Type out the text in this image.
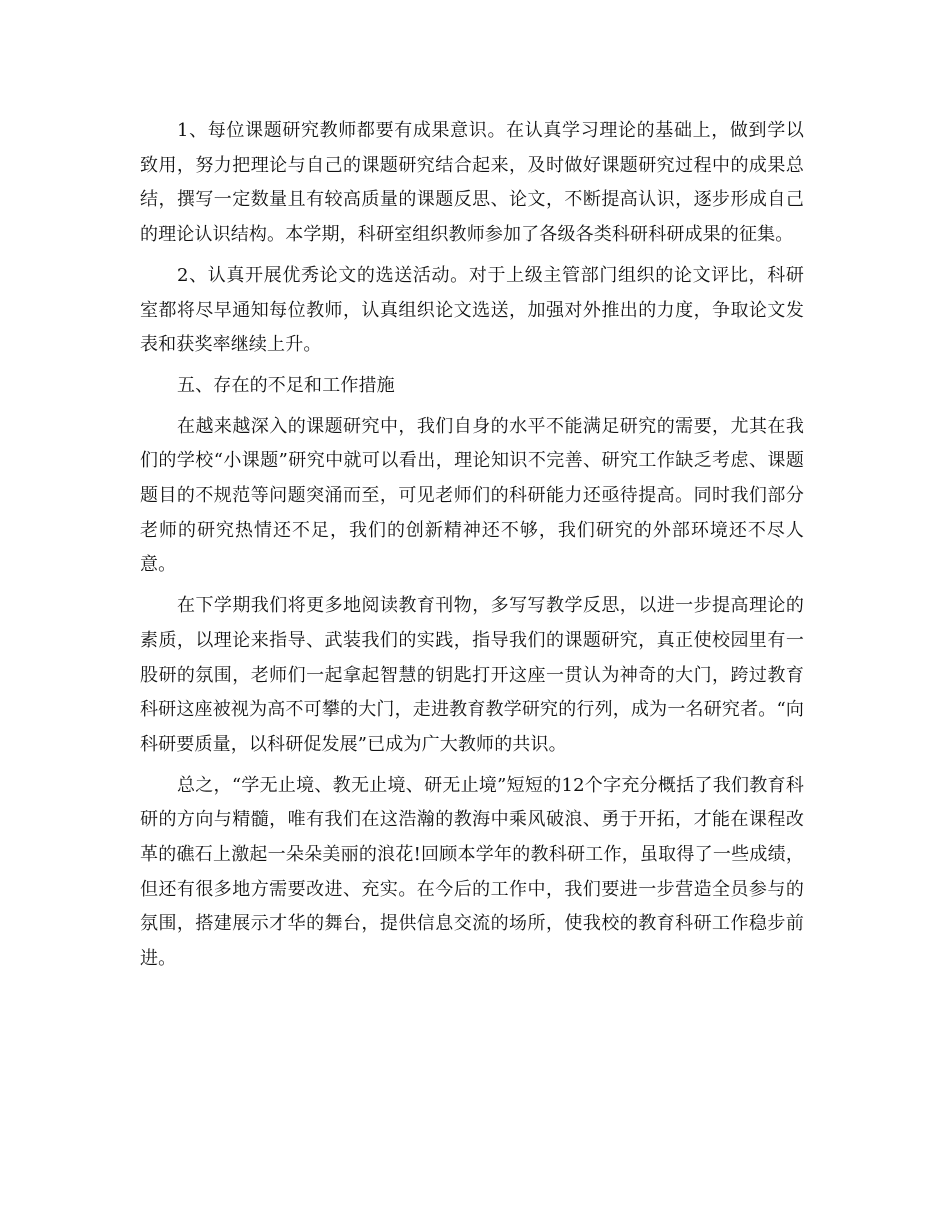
1、每位课题研究教师都要有成果意识。在认真学习理论的基础上，做到学以致用，努力把理论与自己的课题研究结合起来，及时做好课题研究过程中的成果总结，撰写一定数量且有较高质量的课题反思、论文，不断提高认识，逐步形成自己的理论认识结构。本学期，科研室组织教师参加了各级各类科研科研成果的征集。

2、认真开展优秀论文的选送活动。对于上级主管部门组织的论文评比，科研室都将尽早通知每位教师，认真组织论文选送，加强对外推出的力度，争取论文发表和获奖率继续上升。

五、存在的不足和工作措施

在越来越深入的课题研究中，我们自身的水平不能满足研究的需要，尤其在我们的学校“小课题”研究中就可以看出，理论知识不完善、研究工作缺乏考虑、课题题目的不规范等问题突涌而至，可见老师们的科研能力还亟待提高。同时我们部分老师的研究热情还不足，我们的创新精神还不够，我们研究的外部环境还不尽人意。

在下学期我们将更多地阅读教育刊物，多写写教学反思，以进一步提高理论的素质，以理论来指导、武装我们的实践，指导我们的课题研究，真正使校园里有一股研的氛围，老师们一起拿起智慧的钥匙打开这座一贯认为神奇的大门，跨过教育科研这座被视为高不可攀的大门，走进教育教学研究的行列，成为一名研究者。“向科研要质量，以科研促发展”已成为广大教师的共识。

总之，“学无止境、教无止境、研无止境”短短的12个字充分概括了我们教育科研的方向与精髓，唯有我们在这浩瀚的教海中乘风破浪、勇于开拓，才能在课程改革的礁石上激起一朵朵美丽的浪花!回顾本学年的教科研工作，虽取得了一些成绩，但还有很多地方需要改进、充实。在今后的工作中，我们要进一步营造全员参与的氛围，搭建展示才华的舞台，提供信息交流的场所，使我校的教育科研工作稳步前进。
